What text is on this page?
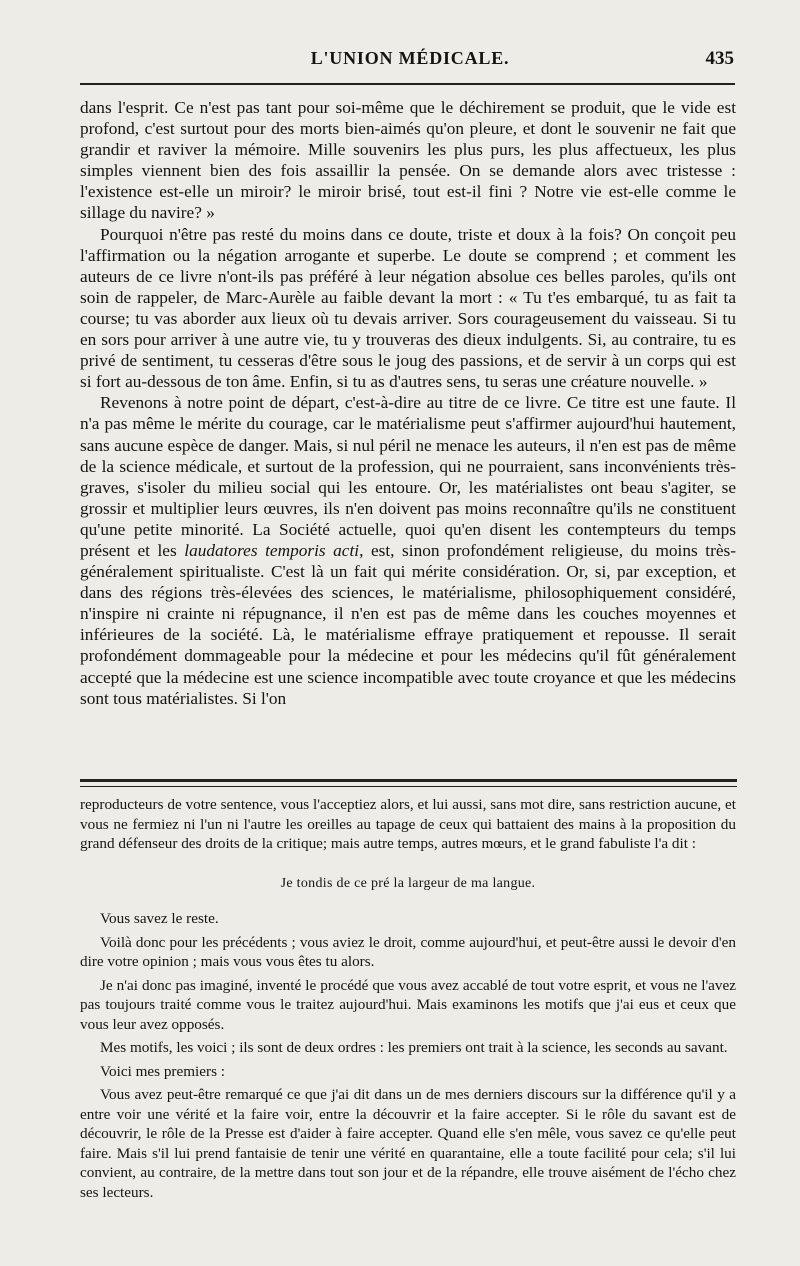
L'UNION MÉDICALE.	435

dans l'esprit. Ce n'est pas tant pour soi-même que le déchirement se produit, que le vide est profond, c'est surtout pour des morts bien-aimés qu'on pleure, et dont le souvenir ne fait que grandir et raviver la mémoire. Mille souvenirs les plus purs, les plus affectueux, les plus simples viennent bien des fois assaillir la pensée. On se demande alors avec tristesse : l'existence est-elle un miroir? le miroir brisé, tout est-il fini ? Notre vie est-elle comme le sillage du navire? »

Pourquoi n'être pas resté du moins dans ce doute, triste et doux à la fois? On conçoit peu l'affirmation ou la négation arrogante et superbe. Le doute se comprend ; et comment les auteurs de ce livre n'ont-ils pas préféré à leur négation absolue ces belles paroles, qu'ils ont soin de rappeler, de Marc-Aurèle au faible devant la mort : « Tu t'es embarqué, tu as fait ta course; tu vas aborder aux lieux où tu devais arriver. Sors courageusement du vaisseau. Si tu en sors pour arriver à une autre vie, tu y trouveras des dieux indulgents. Si, au contraire, tu es privé de sentiment, tu cesseras d'être sous le joug des passions, et de servir à un corps qui est si fort au-dessous de ton âme. Enfin, si tu as d'autres sens, tu seras une créature nouvelle. »

Revenons à notre point de départ, c'est-à-dire au titre de ce livre. Ce titre est une faute. Il n'a pas même le mérite du courage, car le matérialisme peut s'affirmer aujourd'hui hautement, sans aucune espèce de danger. Mais, si nul péril ne menace les auteurs, il n'en est pas de même de la science médicale, et surtout de la profession, qui ne pourraient, sans inconvénients très-graves, s'isoler du milieu social qui les entoure. Or, les matérialistes ont beau s'agiter, se grossir et multiplier leurs œuvres, ils n'en doivent pas moins reconnaître qu'ils ne constituent qu'une petite minorité. La Société actuelle, quoi qu'en disent les contempteurs du temps présent et les laudatores temporis acti, est, sinon profondément religieuse, du moins très-généralement spiritualiste. C'est là un fait qui mérite considération. Or, si, par exception, et dans des régions très-élevées des sciences, le matérialisme, philosophiquement considéré, n'inspire ni crainte ni répugnance, il n'en est pas de même dans les couches moyennes et inférieures de la société. Là, le matérialisme effraye pratiquement et repousse. Il serait profondément dommageable pour la médecine et pour les médecins qu'il fût généralement accepté que la médecine est une science incompatible avec toute croyance et que les médecins sont tous matérialistes. Si l'on

reproducteurs de votre sentence, vous l'acceptiez alors, et lui aussi, sans mot dire, sans restriction aucune, et vous ne fermiez ni l'un ni l'autre les oreilles au tapage de ceux qui battaient des mains à la proposition du grand défenseur des droits de la critique; mais autre temps, autres mœurs, et le grand fabuliste l'a dit :

Je tondis de ce pré la largeur de ma langue.

Vous savez le reste.

Voilà donc pour les précédents ; vous aviez le droit, comme aujourd'hui, et peut-être aussi le devoir d'en dire votre opinion ; mais vous vous êtes tu alors.

Je n'ai donc pas imaginé, inventé le procédé que vous avez accablé de tout votre esprit, et vous ne l'avez pas toujours traité comme vous le traitez aujourd'hui. Mais examinons les motifs que j'ai eus et ceux que vous leur avez opposés.

Mes motifs, les voici ; ils sont de deux ordres : les premiers ont trait à la science, les seconds au savant.

Voici mes premiers :

Vous avez peut-être remarqué ce que j'ai dit dans un de mes derniers discours sur la différence qu'il y a entre voir une vérité et la faire voir, entre la découvrir et la faire accepter. Si le rôle du savant est de découvrir, le rôle de la Presse est d'aider à faire accepter. Quand elle s'en mêle, vous savez ce qu'elle peut faire. Mais s'il lui prend fantaisie de tenir une vérité en quarantaine, elle a toute facilité pour cela; s'il lui convient, au contraire, de la mettre dans tout son jour et de la répandre, elle trouve aisément de l'écho chez ses lecteurs.
